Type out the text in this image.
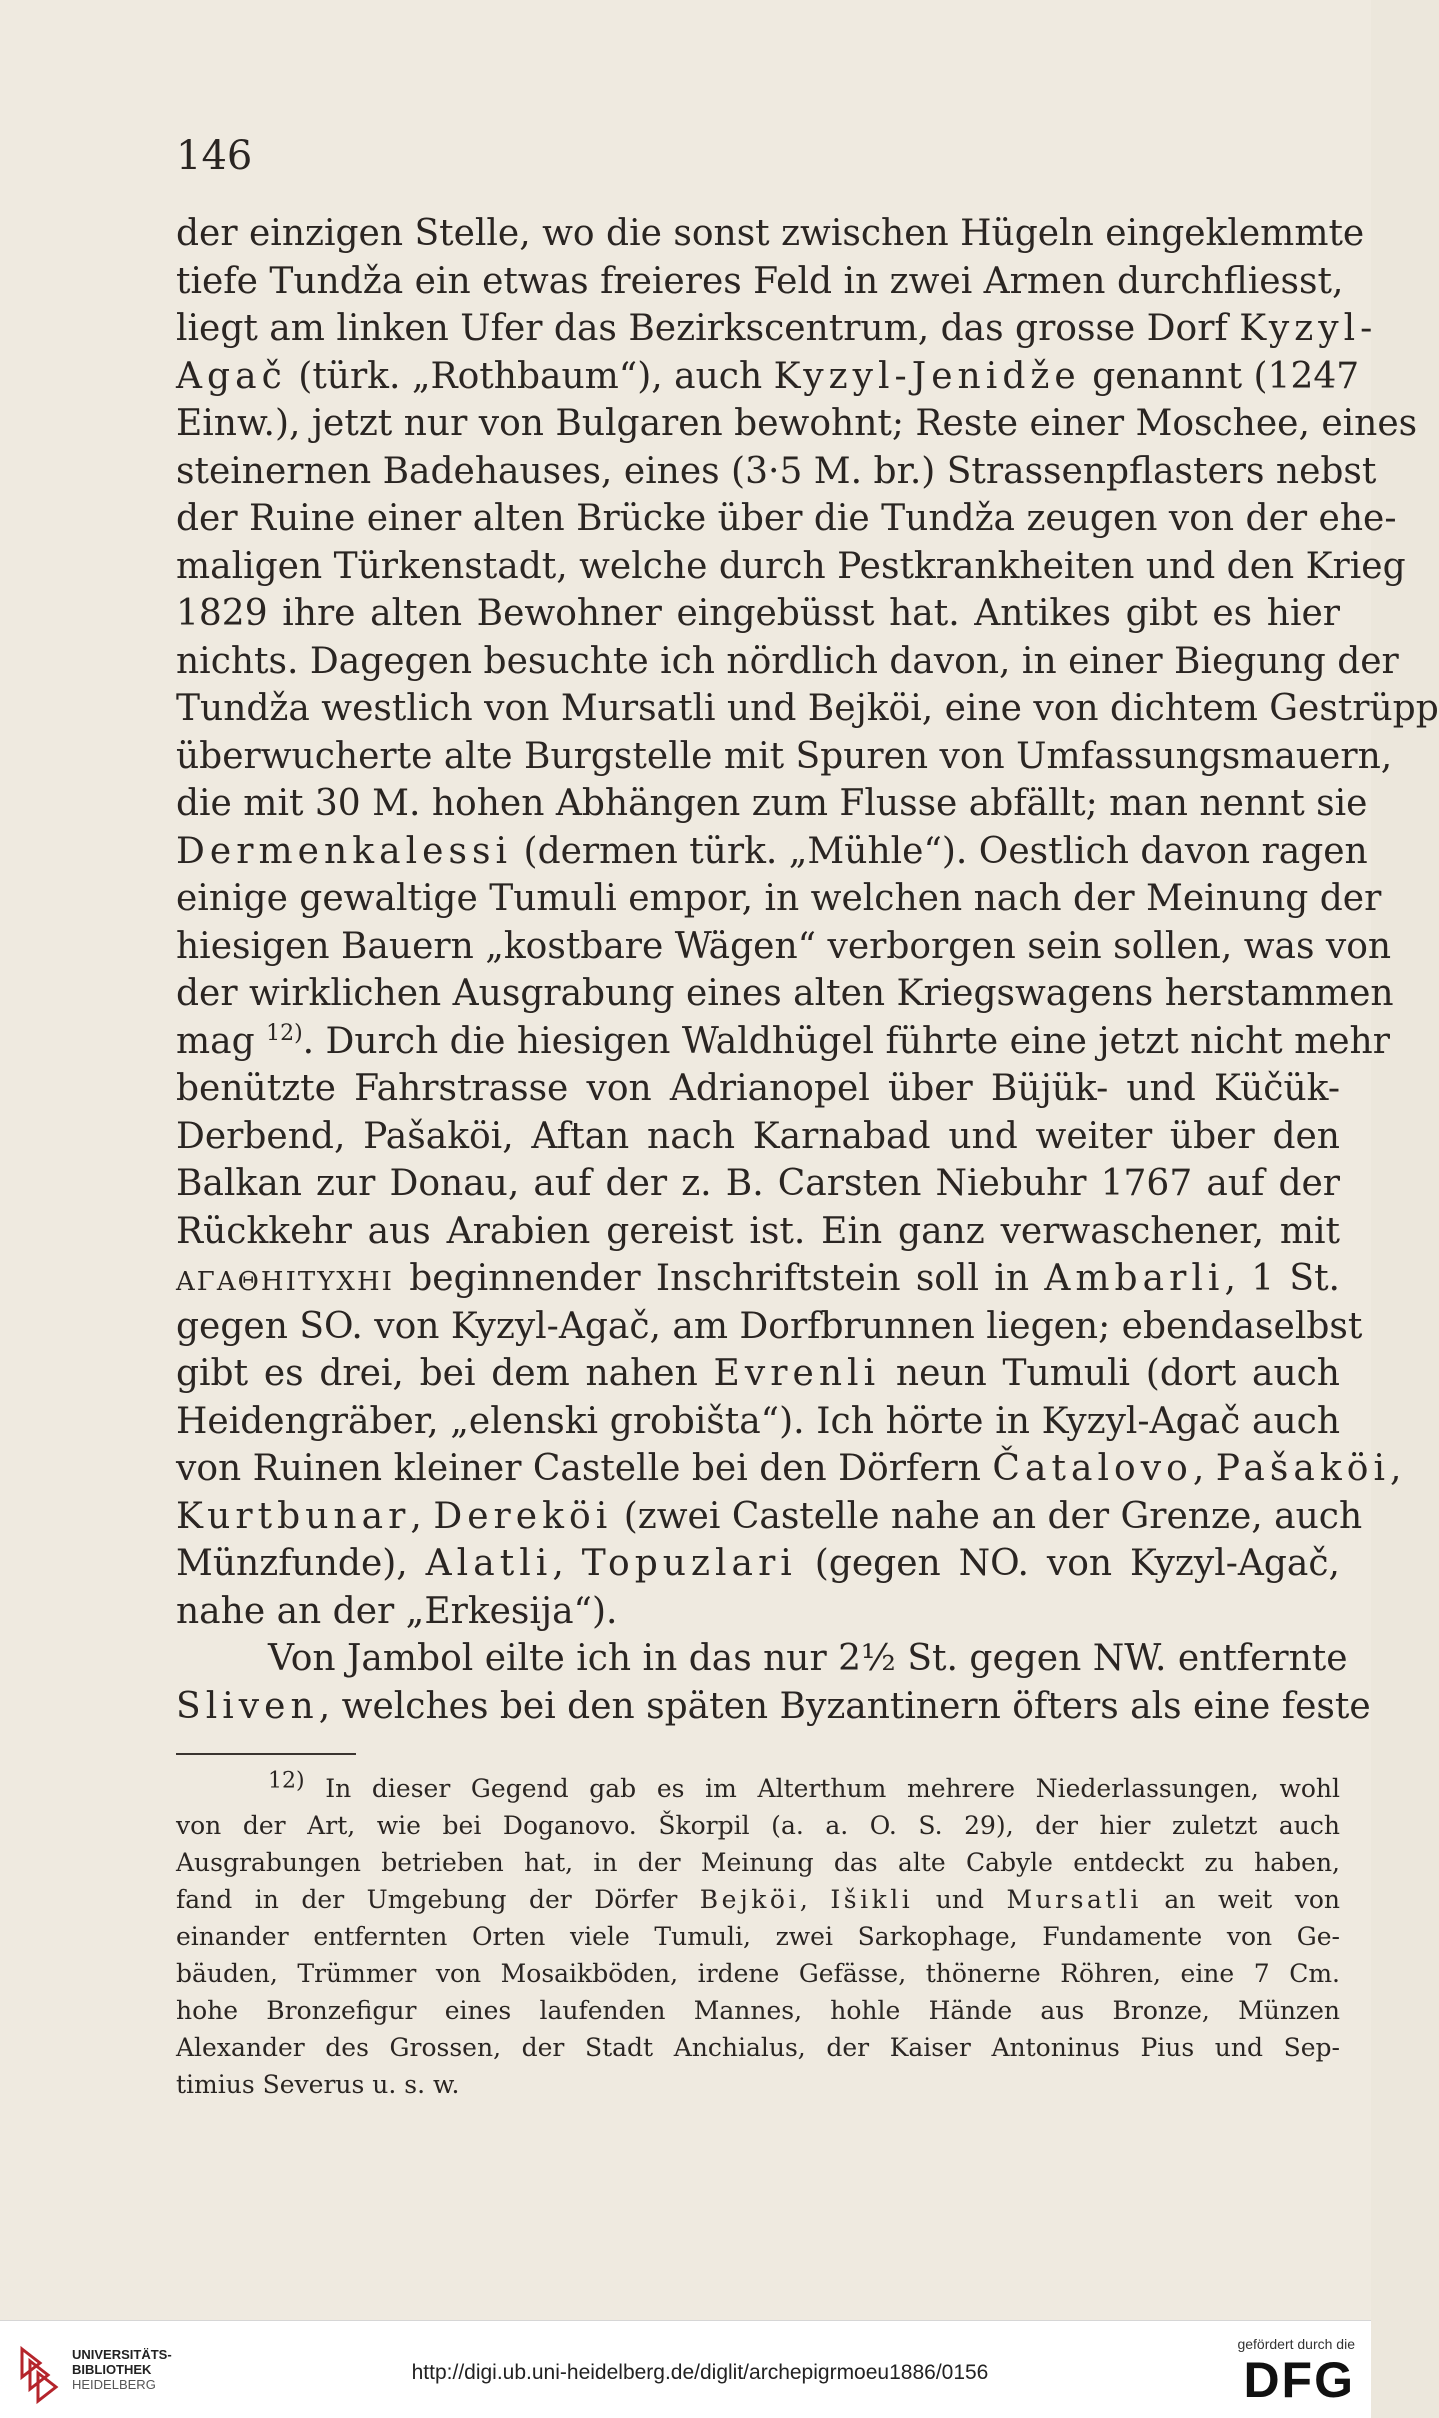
146
der einzigen Stelle, wo die sonst zwischen Hügeln eingeklemmte
tiefe Tundža ein etwas freieres Feld in zwei Armen durchfliesst,
liegt am linken Ufer das Bezirkscentrum, das grosse Dorf Kyzyl-
Agač (türk. „Rothbaum“), auch Kyzyl-Jenidže genannt (1247
Einw.), jetzt nur von Bulgaren bewohnt; Reste einer Moschee, eines
steinernen Badehauses, eines (3·5 M. br.) Strassenpflasters nebst
der Ruine einer alten Brücke über die Tundža zeugen von der ehe-
maligen Türkenstadt, welche durch Pestkrankheiten und den Krieg
1829 ihre alten Bewohner eingebüsst hat. Antikes gibt es hier
nichts. Dagegen besuchte ich nördlich davon, in einer Biegung der
Tundža westlich von Mursatli und Bejköi, eine von dichtem Gestrüpp
überwucherte alte Burgstelle mit Spuren von Umfassungsmauern,
die mit 30 M. hohen Abhängen zum Flusse abfällt; man nennt sie
Dermenkalessi (dermen türk. „Mühle“). Oestlich davon ragen
einige gewaltige Tumuli empor, in welchen nach der Meinung der
hiesigen Bauern „kostbare Wägen“ verborgen sein sollen, was von
der wirklichen Ausgrabung eines alten Kriegswagens herstammen
mag $^{12)}$. Durch die hiesigen Waldhügel führte eine jetzt nicht mehr
benützte Fahrstrasse von Adrianopel über Büjük- und Küčük-
Derbend, Pašaköi, Aftan nach Karnabad und weiter über den
Balkan zur Donau, auf der z. B. Carsten Niebuhr 1767 auf der
Rückkehr aus Arabien gereist ist. Ein ganz verwaschener, mit
ΑΓΑΘΗΙΤΥΧΗΙ beginnender Inschriftstein soll in Ambarli, 1 St.
gegen SO. von Kyzyl-Agač, am Dorfbrunnen liegen; ebendaselbst
gibt es drei, bei dem nahen Evrenli neun Tumuli (dort auch
Heidengräber, „elenski grobišta“). Ich hörte in Kyzyl-Agač auch
von Ruinen kleiner Castelle bei den Dörfern Čatalovo, Pašaköi,
Kurtbunar, Dereköi (zwei Castelle nahe an der Grenze, auch
Münzfunde), Alatli, Topuzlari (gegen NO. von Kyzyl-Agač,
nahe an der „Erkesija“).
Von Jambol eilte ich in das nur 2½ St. gegen NW. entfernte
Sliven, welches bei den späten Byzantinern öfters als eine feste
12) In dieser Gegend gab es im Alterthum mehrere Niederlassungen, wohl
von der Art, wie bei Doganovo. Škorpil (a. a. O. S. 29), der hier zuletzt auch
Ausgrabungen betrieben hat, in der Meinung das alte Cabyle entdeckt zu haben,
fand in der Umgebung der Dörfer Bejköi, Išikli und Mursatli an weit von
einander entfernten Orten viele Tumuli, zwei Sarkophage, Fundamente von Ge-
bäuden, Trümmer von Mosaikböden, irdene Gefässe, thönerne Röhren, eine 7 Cm.
hohe Bronzefigur eines laufenden Mannes, hohle Hände aus Bronze, Münzen
Alexander des Grossen, der Stadt Anchialus, der Kaiser Antoninus Pius und Sep-
timius Severus u. s. w.
UNIVERSITÄTS-
BIBLIOTHEK
HEIDELBERG
http://digi.ub.uni-heidelberg.de/diglit/archepigrmoeu1886/0156
gefördert durch die
DFG
